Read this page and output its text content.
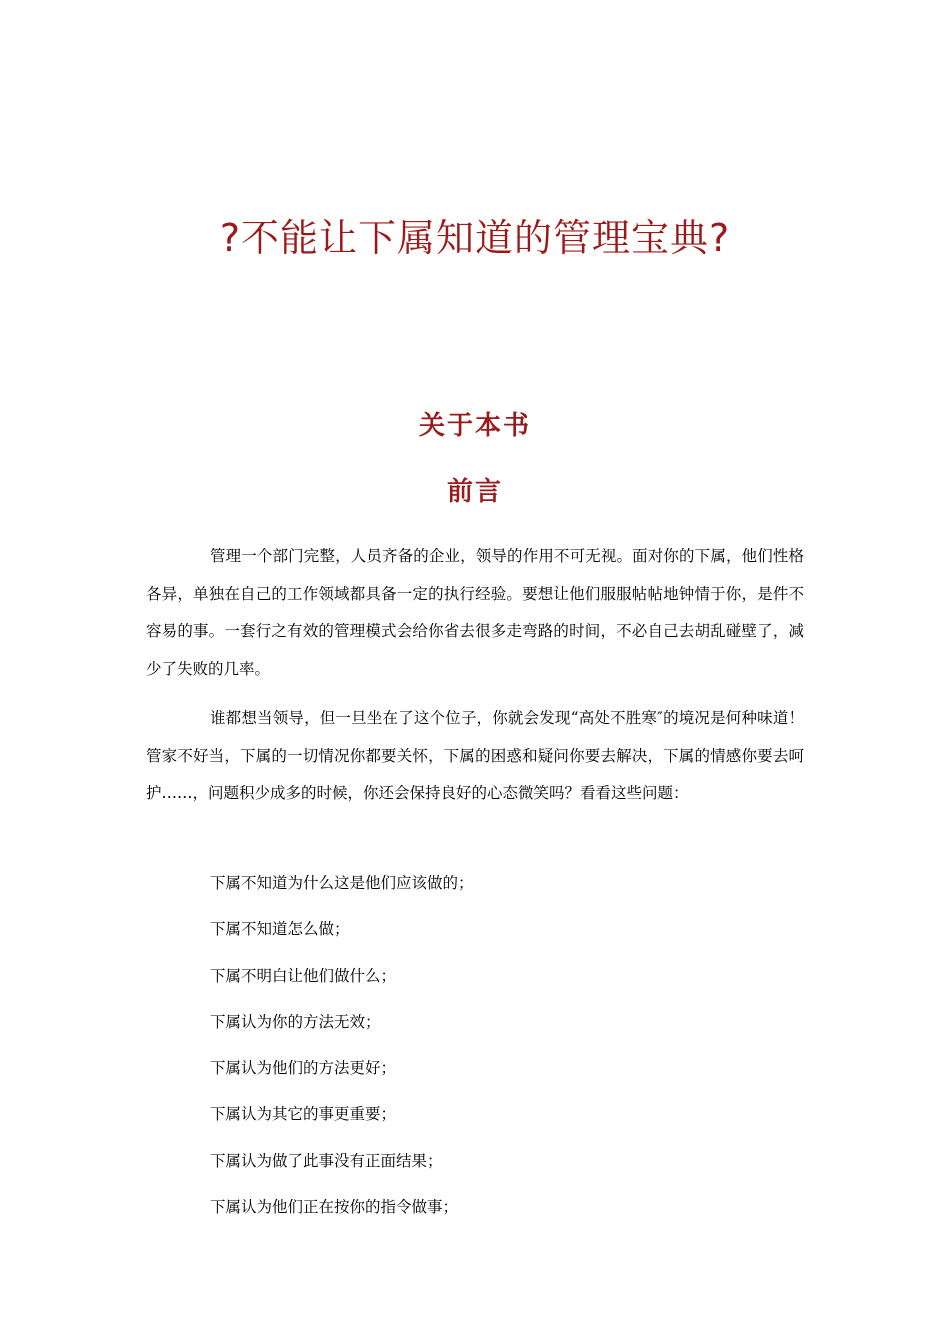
?不能让下属知道的管理宝典?
关于本书
前言

管理一个部门完整，人员齐备的企业，领导的作用不可无视。面对你的下属，他们性格各异，单独在自己的工作领域都具备一定的执行经验。要想让他们服服帖帖地钟情于你，是件不容易的事。一套行之有效的管理模式会给你省去很多走弯路的时间，不必自己去胡乱碰壁了，减少了失败的几率。

谁都想当领导，但一旦坐在了这个位子，你就会发现“高处不胜寒″的境况是何种味道！管家不好当，下属的一切情况你都要关怀，下属的困惑和疑问你要去解决，下属的情感你要去呵护……，问题积少成多的时候，你还会保持良好的心态微笑吗？看看这些问题：

下属不知道为什么这是他们应该做的；
下属不知道怎么做；
下属不明白让他们做什么；
下属认为你的方法无效；
下属认为他们的方法更好；
下属认为其它的事更重要；
下属认为做了此事没有正面结果；
下属认为他们正在按你的指令做事；
